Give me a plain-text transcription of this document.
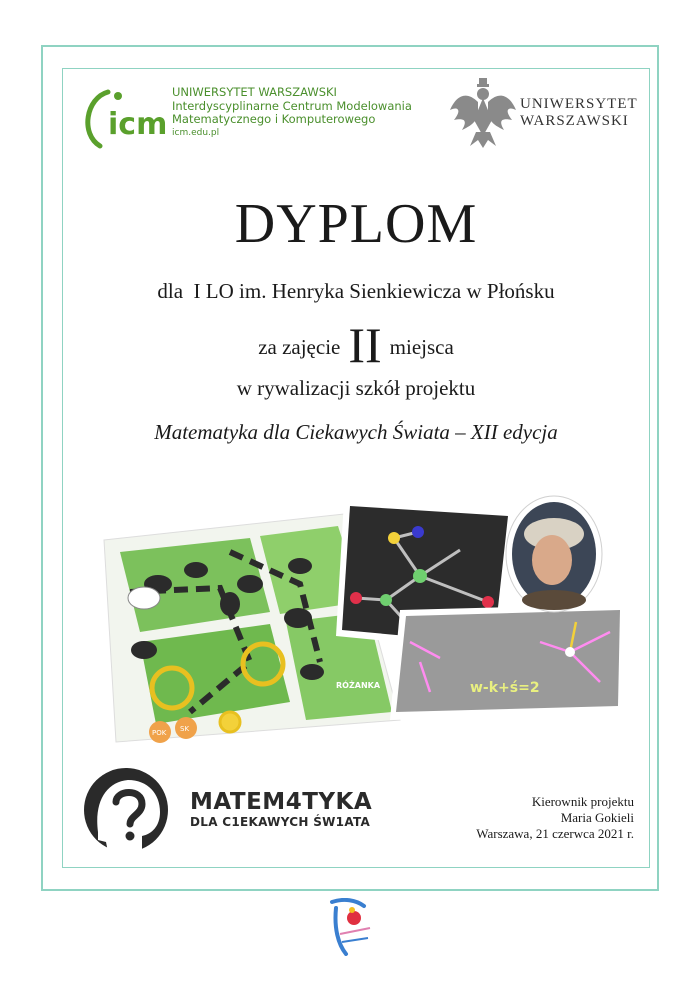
icm
UNIWERSYTET WARSZAWSKI
Interdyscyplinarne Centrum Modelowania
Matematycznego i Komputerowego
icm.edu.pl
UNIWERSYTET
WARSZAWSKI
DYPLOM
dla  I LO im. Henryka Sienkiewicza w Płońsku
za zajęcie II miejsca
w rywalizacji szkół projektu
Matematyka dla Ciekawych Świata – XII edycja
POK SK
RÓŻANKA	w-k+ś=2
MATEM4TYKA
DLA C1EKAWYCH ŚW1ATA
Kierownik projektu
Maria Gokieli
Warszawa, 21 czerwca 2021 r.
